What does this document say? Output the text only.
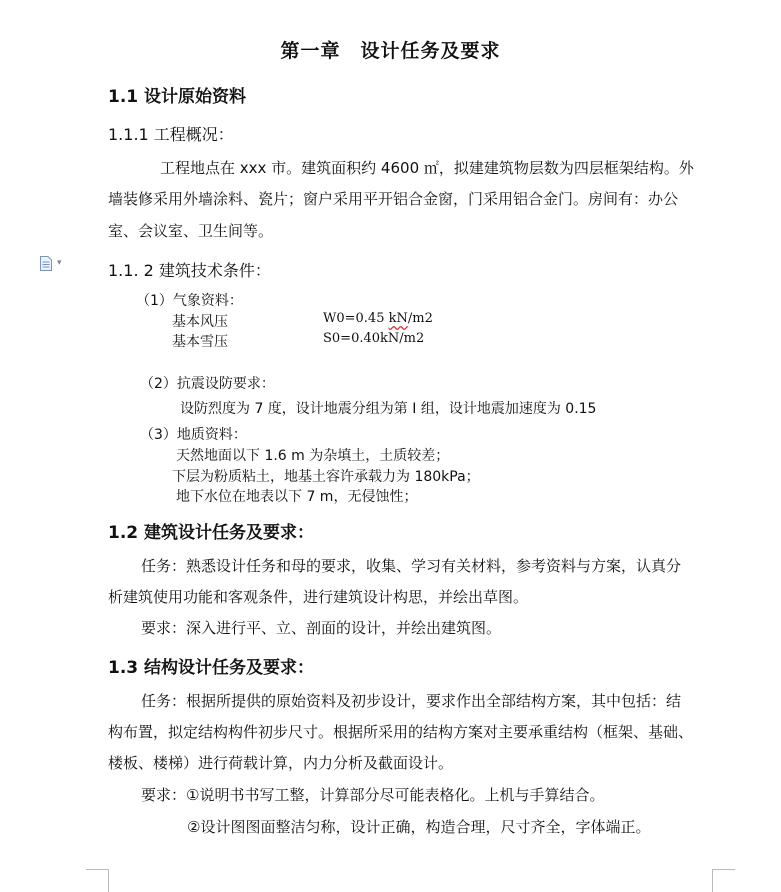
第一章　设计任务及要求
1.1 设计原始资料
1.1.1 工程概况：
工程地点在 xxx 市。建筑面积约 4600 ㎡，拟建建筑物层数为四层框架结构。外
墙装修采用外墙涂料、瓷片；窗户采用平开铝合金窗，门采用铝合金门。房间有：办公
室、会议室、卫生间等。
▾	1.1. 2 建筑技术条件：
（1）气象资料：
基本风压	W0=0.45 kN/m2
基本雪压	S0=0.40kN/m2
（2）抗震设防要求：
设防烈度为 7 度，设计地震分组为第 I 组，设计地震加速度为 0.15
（3）地质资料：
天然地面以下 1.6 m 为杂填土，土质较差；
下层为粉质粘土，地基土容许承载力为 180kPa；
地下水位在地表以下 7 m，无侵蚀性；
1.2 建筑设计任务及要求：
任务：熟悉设计任务和母的要求，收集、学习有关材料，参考资料与方案，认真分
析建筑使用功能和客观条件，进行建筑设计构思，并绘出草图。
要求：深入进行平、立、剖面的设计，并绘出建筑图。
1.3 结构设计任务及要求：
任务：根据所提供的原始资料及初步设计，要求作出全部结构方案，其中包括：结
构布置，拟定结构构件初步尺寸。根据所采用的结构方案对主要承重结构（框架、基础、
楼板、楼梯）进行荷载计算，内力分析及截面设计。
要求：①说明书书写工整，计算部分尽可能表格化。上机与手算结合。
②设计图图面整洁匀称，设计正确，构造合理，尺寸齐全，字体端正。
